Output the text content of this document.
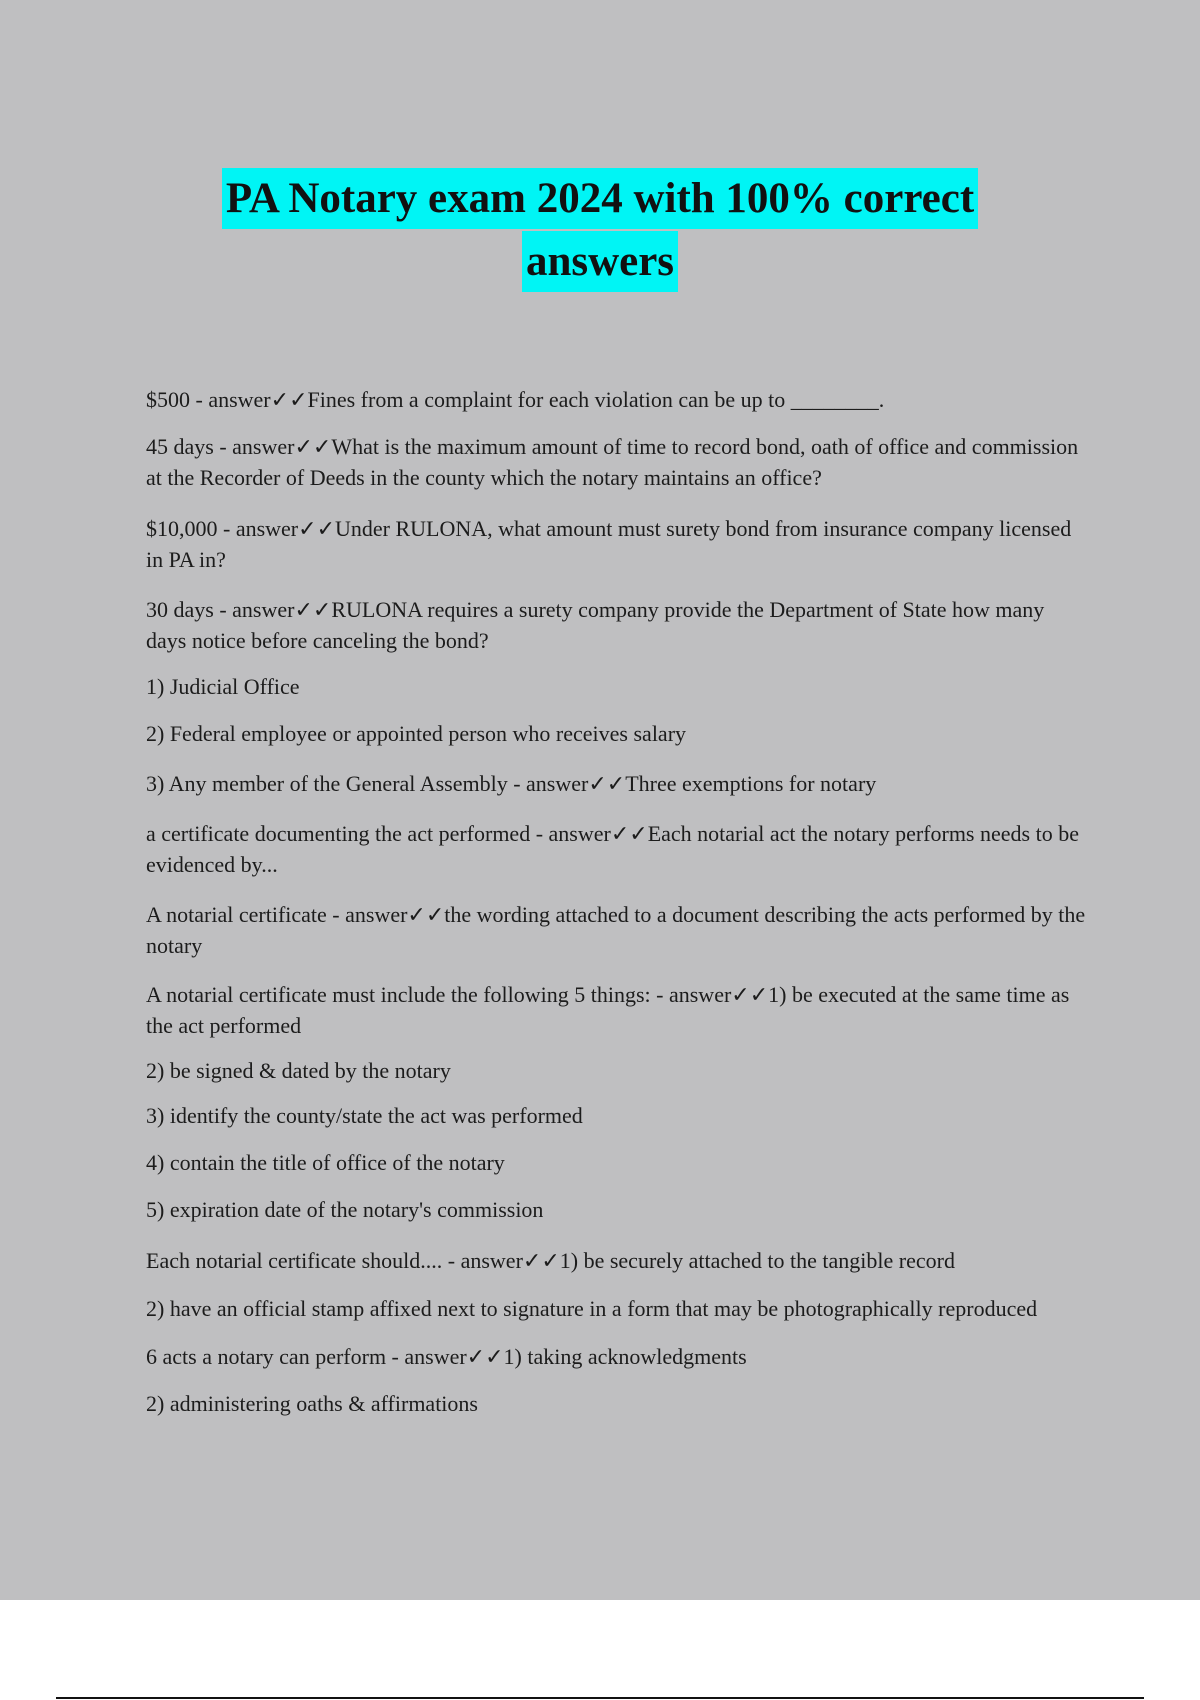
PA Notary exam 2024 with 100% correct
answers

$500 - answer✓✓Fines from a complaint for each violation can be up to ________.

45 days - answer✓✓What is the maximum amount of time to record bond, oath of office and commission at the Recorder of Deeds in the county which the notary maintains an office?

$10,000 - answer✓✓Under RULONA, what amount must surety bond from insurance company licensed in PA in?

30 days - answer✓✓RULONA requires a surety company provide the Department of State how many days notice before canceling the bond?

1) Judicial Office

2) Federal employee or appointed person who receives salary

3) Any member of the General Assembly - answer✓✓Three exemptions for notary

a certificate documenting the act performed - answer✓✓Each notarial act the notary performs needs to be evidenced by...

A notarial certificate - answer✓✓the wording attached to a document describing the acts performed by the notary

A notarial certificate must include the following 5 things: - answer✓✓1) be executed at the same time as the act performed

2) be signed & dated by the notary

3) identify the county/state the act was performed

4) contain the title of office of the notary

5) expiration date of the notary's commission

Each notarial certificate should.... - answer✓✓1) be securely attached to the tangible record

2) have an official stamp affixed next to signature in a form that may be photographically reproduced

6 acts a notary can perform - answer✓✓1) taking acknowledgments

2) administering oaths & affirmations
